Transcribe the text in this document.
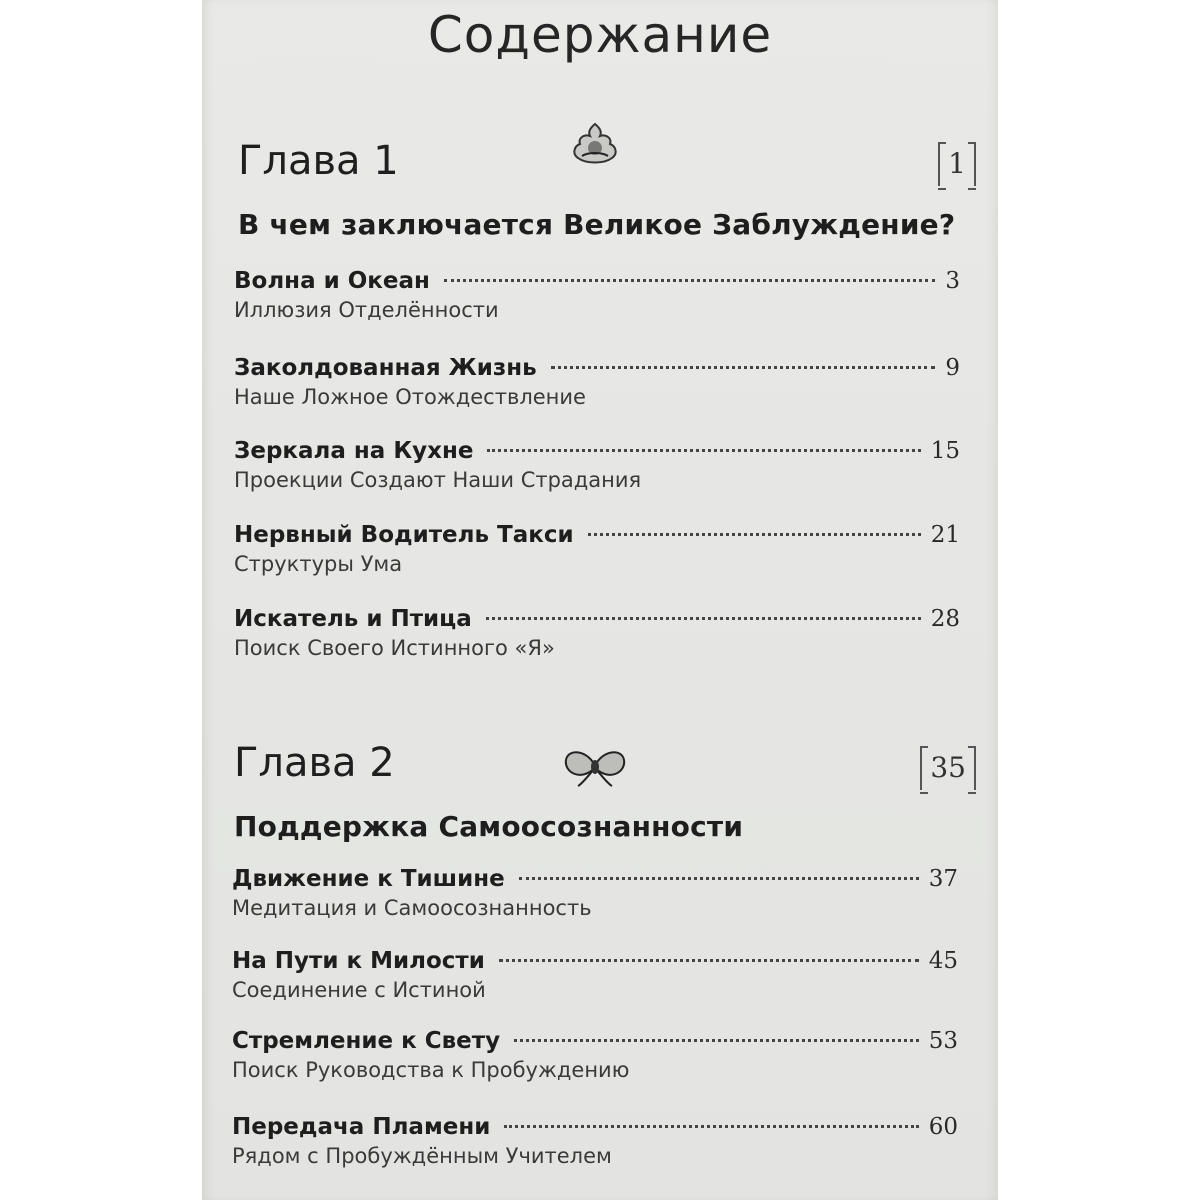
Содержание
Глава 1	1
В чем заключается Великое Заблуждение?
Волна и Океан	3
Иллюзия Отделённости
Заколдованная Жизнь	9
Наше Ложное Отождествление
Зеркала на Кухне	15
Проекции Создают Наши Страдания
Нервный Водитель Такси	21
Структуры Ума
Искатель и Птица	28
Поиск Своего Истинного «Я»
Глава 2	35
Поддержка Самоосознанности
Движение к Тишине	37
Медитация и Самоосознанность
На Пути к Милости	45
Соединение с Истиной
Стремление к Свету	53
Поиск Руководства к Пробуждению
Передача Пламени	60
Рядом с Пробуждённым Учителем
